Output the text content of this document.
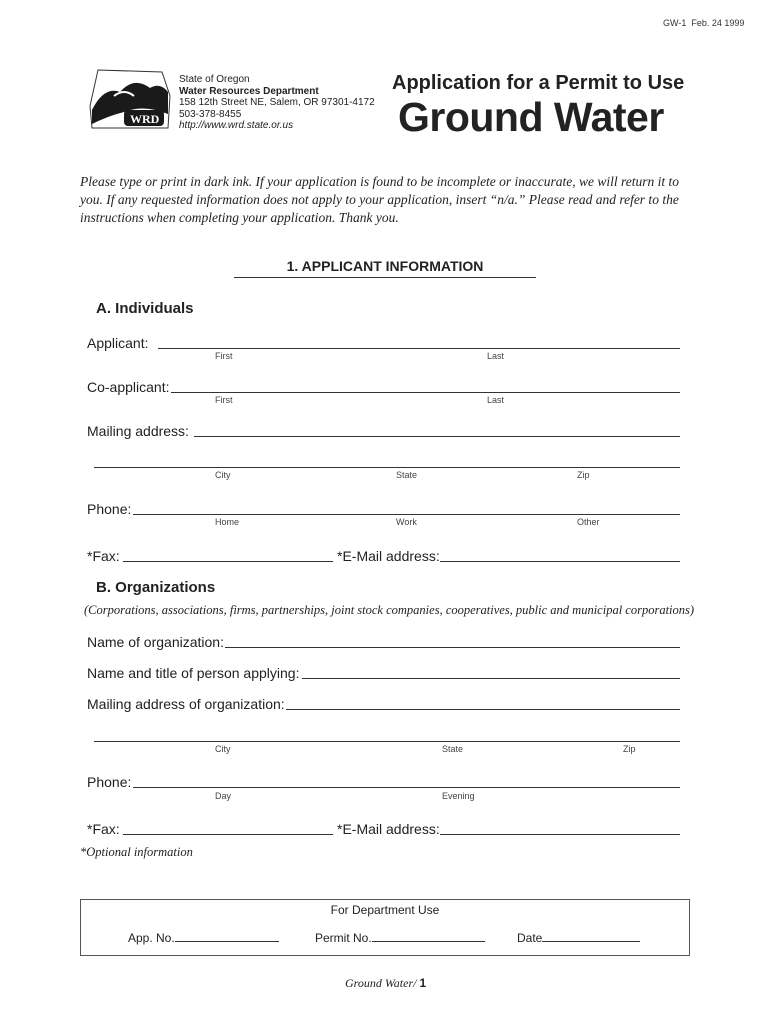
GW-1 Feb. 24 1999
WRD
State of Oregon
Water Resources Department
158 12th Street NE, Salem, OR 97301-4172
503-378-8455
http://www.wrd.state.or.us
Application for a Permit to Use
Ground Water
Please type or print in dark ink. If your application is found to be incomplete or inaccurate, we will return it to you. If any requested information does not apply to your application, insert “n/a.” Please read and refer to the instructions when completing your application. Thank you.
1. APPLICANT INFORMATION
A. Individuals
Applicant:
First	Last
Co-applicant:
First	Last
Mailing address:
City	State	Zip
Phone:
Home	Work	Other
*Fax:	*E-Mail address:
B. Organizations
(Corporations, associations, firms, partnerships, joint stock companies, cooperatives, public and municipal corporations)
Name of organization:
Name and title of person applying:
Mailing address of organization:
City	State	Zip
Phone:
Day	Evening
*Fax:	*E-Mail address:
*Optional information
For Department Use
App. No.	Permit No.	Date
Ground Water/ 1
